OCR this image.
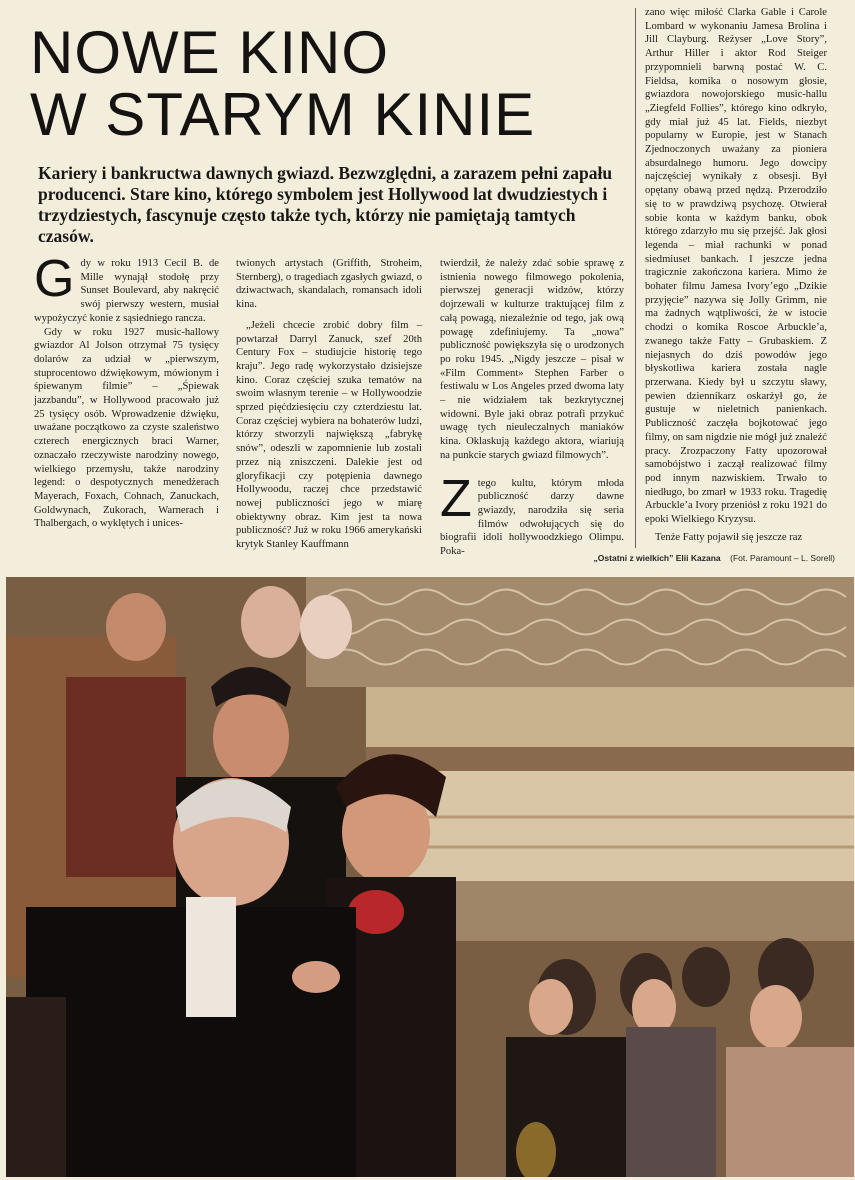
NOWE KINO
W STARYM KINIE
Kariery i bankructwa dawnych gwiazd. Bezwzględni, a zarazem pełni zapału producenci. Stare kino, którego symbolem jest Hollywood lat dwudziestych i trzydziestych, fascynuje często także tych, którzy nie pamiętają tamtych czasów.

Gdy w roku 1913 Cecil B. de Mille wynajął stodołę przy Sunset Boulevard, aby nakręcić swój pierwszy western, musiał wypożyczyć konie z sąsiedniego rancza.

Gdy w roku 1927 music-hallowy gwiazdor Al Jolson otrzymał 75 tysięcy dolarów za udział w „pierwszym, stuprocentowo dźwiękowym, mówionym i śpiewanym filmie” – „Śpiewak jazzbandu”, w Hollywood pracowało już 25 tysięcy osób. Wprowadzenie dźwięku, uważane początkowo za czyste szaleństwo czterech energicznych braci Warner, oznaczało rzeczywiste narodziny nowego, wielkiego przemysłu, także narodziny legend: o despotycznych menedżerach Mayerach, Foxach, Cohnach, Zanuckach, Goldwynach, Zukorach, Warnerach i Thalbergach, o wyklętych i unices-

twionych artystach (Griffith, Stroheim, Sternberg), o tragediach zgasłych gwiazd, o dziwactwach, skandalach, romansach idoli kina.

„Jeżeli chcecie zrobić dobry film – powtarzał Darryl Zanuck, szef 20th Century Fox – studiujcie historię tego kraju”. Jego radę wykorzystało dzisiejsze kino. Coraz częściej szuka tematów na swoim własnym terenie – w Hollywoodzie sprzed pięćdziesięciu czy czterdziestu lat. Coraz częściej wybiera na bohaterów ludzi, którzy stworzyli największą „fabrykę snów”, odeszli w zapomnienie lub zostali przez nią zniszczeni. Dalekie jest od gloryfikacji czy potępienia dawnego Hollywoodu, raczej chce przedstawić nowej publiczności jego w miarę obiektywny obraz. Kim jest ta nowa publiczność? Już w roku 1966 amerykański krytyk Stanley Kauffmann

twierdził, że należy zdać sobie sprawę z istnienia nowego filmowego pokolenia, pierwszej generacji widzów, którzy dojrzewali w kulturze traktującej film z całą powagą, niezależnie od tego, jak ową powagę zdefiniujemy. Ta „nowa” publiczność powiększyła się o urodzonych po roku 1945. „Nigdy jeszcze – pisał w «Film Comment» Stephen Farber o festiwalu w Los Angeles przed dwoma laty – nie widziałem tak bezkrytycznej widowni. Byle jaki obraz potrafi przykuć uwagę tych nieuleczalnych maniaków kina. Oklaskują każdego aktora, wiariują na punkcie starych gwiazd filmowych”.

Ztego kultu, którym młoda publiczność darzy dawne gwiazdy, narodziła się seria filmów odwołujących się do biografii idoli hollywoodzkiego Olimpu. Poka-

zano więc miłość Clarka Gable i Carole Lombard w wykonaniu Jamesa Brolina i Jill Clayburg. Reżyser „Love Story”, Arthur Hiller i aktor Rod Steiger przypomnieli barwną postać W. C. Fieldsa, komika o nosowym głosie, gwiazdora nowojorskiego music-hallu „Ziegfeld Follies”, którego kino odkryło, gdy miał już 45 lat. Fields, niezbyt popularny w Europie, jest w Stanach Zjednoczonych uważany za pioniera absurdalnego humoru. Jego dowcipy najczęściej wynikały z obsesji. Był opętany obawą przed nędzą. Przerodziło się to w prawdziwą psychozę. Otwierał sobie konta w każdym banku, obok którego zdarzyło mu się przejść. Jak głosi legenda – miał rachunki w ponad siedmiuset bankach. I jeszcze jedna tragicznie zakończona kariera. Mimo że bohater filmu Jamesa Ivory’ego „Dzikie przyjęcie” nazywa się Jolly Grimm, nie ma żadnych wątpliwości, że w istocie chodzi o komika Roscoe Arbuckle’a, zwanego także Fatty – Grubaskiem. Z niejasnych do dziś powodów jego błyskotliwa kariera została nagle przerwana. Kiedy był u szczytu sławy, pewien dziennikarz oskarżył go, że gustuje w nieletnich panienkach. Publiczność zaczęła bojkotować jego filmy, on sam nigdzie nie mógł już znaleźć pracy. Zrozpaczony Fatty upozorował samobójstwo i zaczął realizować filmy pod innym nazwiskiem. Trwało to niedługo, bo zmarł w 1933 roku. Tragedię Arbuckle’a Ivory przeniósł z roku 1921 do epoki Wielkiego Kryzysu.

Tenże Fatty pojawił się jeszcze raz

„Ostatni z wielkich” Elii Kazana (Fot. Paramount – L. Sorell)
